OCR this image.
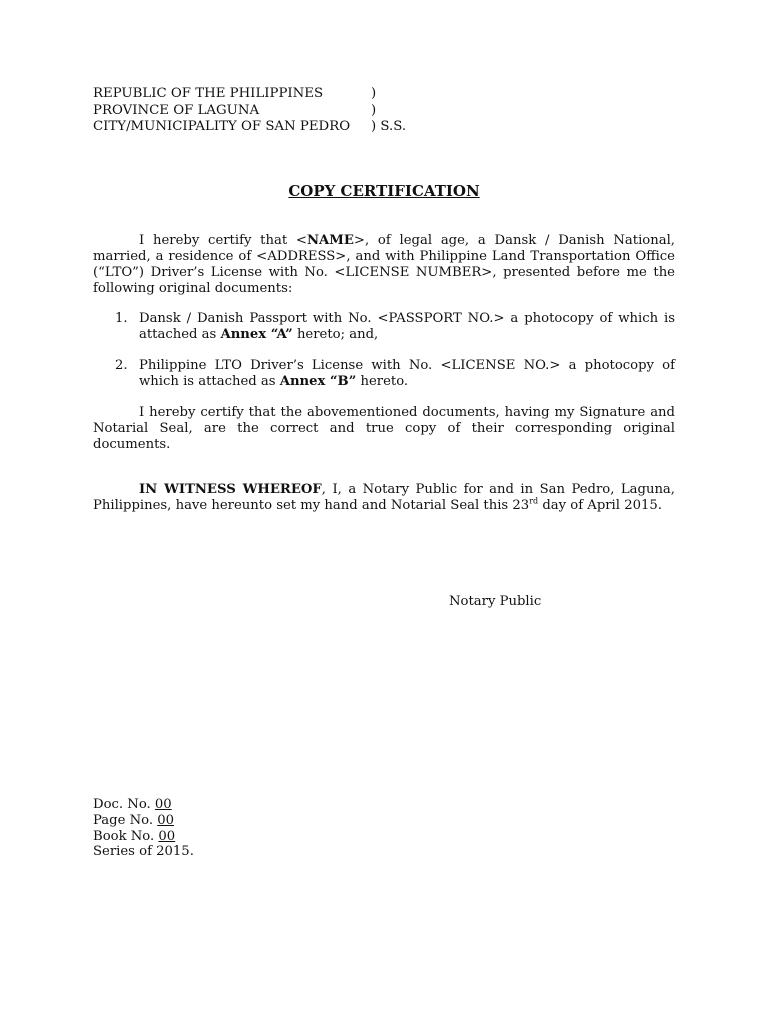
REPUBLIC OF THE PHILIPPINES	)
PROVINCE OF LAGUNA	)
CITY/MUNICIPALITY OF SAN PEDRO ) S.S.
COPY CERTIFICATION

I hereby certify that <NAME>, of legal age, a Dansk / Danish National, married, a residence of <ADDRESS>, and with Philippine Land Transportation Office (“LTO”) Driver’s License with No. <LICENSE NUMBER>, presented before me the following original documents:

1. Dansk / Danish Passport with No. <PASSPORT NO.> a photocopy of which is attached as Annex “A” hereto; and,
2. Philippine LTO Driver’s License with No. <LICENSE NO.> a photocopy of which is attached as Annex “B” hereto.

I hereby certify that the abovementioned documents, having my Signature and Notarial Seal, are the correct and true copy of their corresponding original documents.

IN WITNESS WHEREOF, I, a Notary Public for and in San Pedro, Laguna, Philippines, have hereunto set my hand and Notarial Seal this 23rd day of April 2015.

Notary Public
Doc. No. 00
Page No. 00
Book No. 00
Series of 2015.
